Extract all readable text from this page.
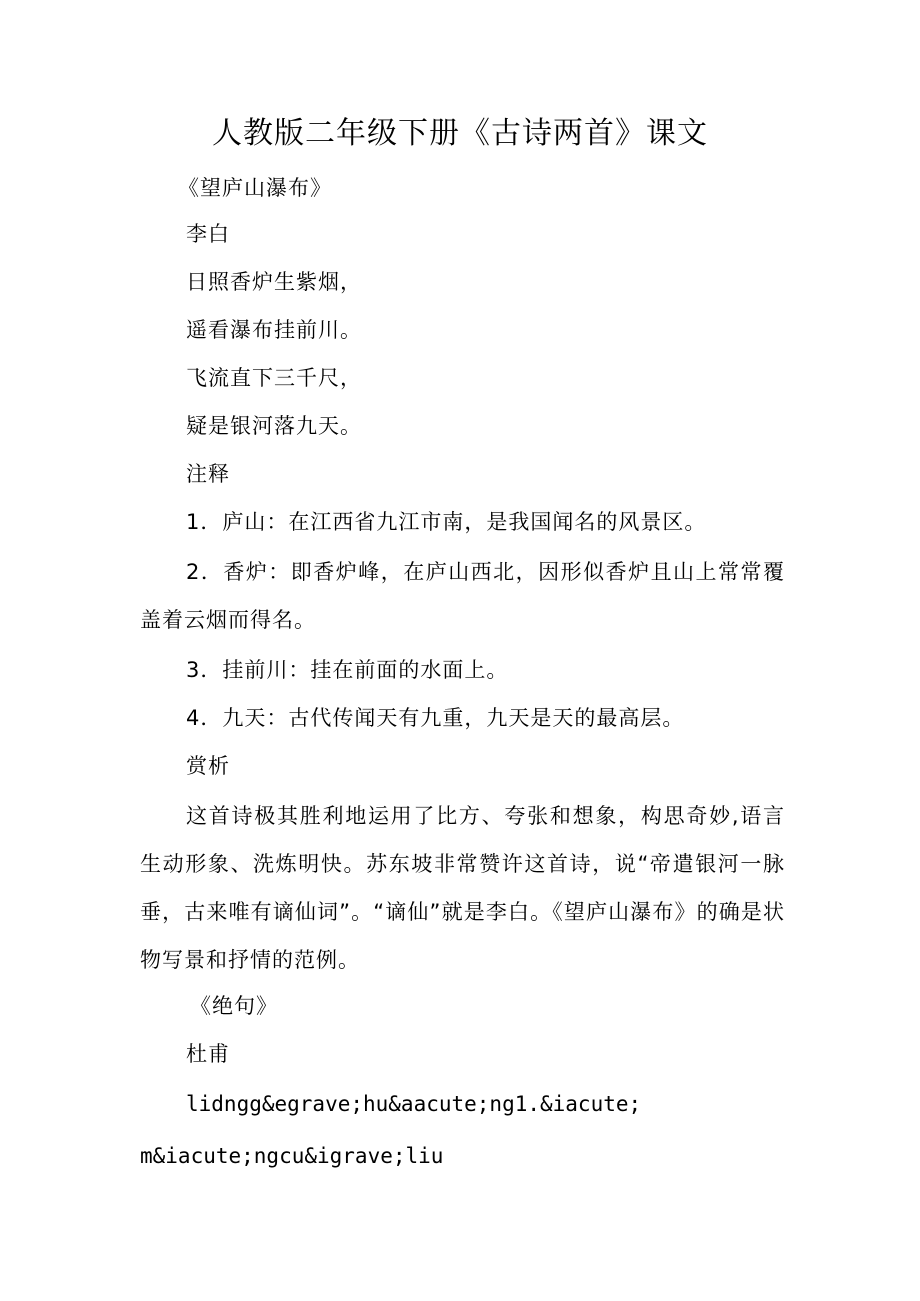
人教版二年级下册《古诗两首》课文
《望庐山瀑布》
李白
日照香炉生紫烟，
遥看瀑布挂前川。
飞流直下三千尺，
疑是银河落九天。
注释
1．庐山：在江西省九江市南，是我国闻名的风景区。
2．香炉：即香炉峰，在庐山西北，因形似香炉且山上常常覆盖着云烟而得名。
3．挂前川：挂在前面的水面上。
4．九天：古代传闻天有九重，九天是天的最高层。
赏析
这首诗极其胜利地运用了比方、夸张和想象，构思奇妙,语言生动形象、洗炼明快。苏东坡非常赞许这首诗，说“帝遣银河一脉垂，古来唯有谪仙词”。“谪仙”就是李白。《望庐山瀑布》的确是状物写景和抒情的范例。
《绝句》
杜甫
lidngg&egrave;hu&aacute;ng1.&iacute;
m&iacute;ngcu&igrave;liu
